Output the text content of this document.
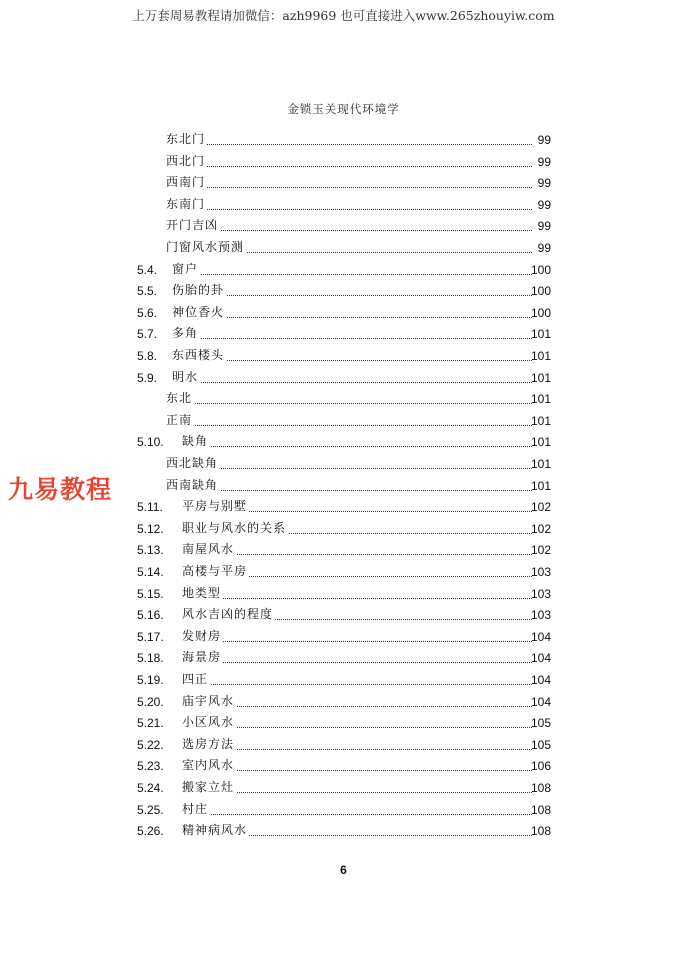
上万套周易教程请加微信：azh9969 也可直接进入www.265zhouyiw.com
金锁玉关现代环境学
九易教程
东北门	99
西北门	99
西南门	99
东南门	99
开门吉凶	99
门窗风水预测	99
5.4. 窗户	100
5.5. 伤胎的卦	100
5.6. 神位香火	100
5.7. 多角	101
5.8. 东西楼头	101
5.9. 明水	101
东北	101
正南	101
5.10. 缺角	101
西北缺角	101
西南缺角	101
5.11. 平房与别墅	102
5.12. 职业与风水的关系	102
5.13. 南屋风水	102
5.14. 高楼与平房	103
5.15. 地类型	103
5.16. 风水吉凶的程度	103
5.17. 发财房	104
5.18. 海景房	104
5.19. 四正	104
5.20. 庙宇风水	104
5.21. 小区风水	105
5.22. 选房方法	105
5.23. 室内风水	106
5.24. 搬家立灶	108
5.25. 村庄	108
5.26. 精神病风水	108
6
